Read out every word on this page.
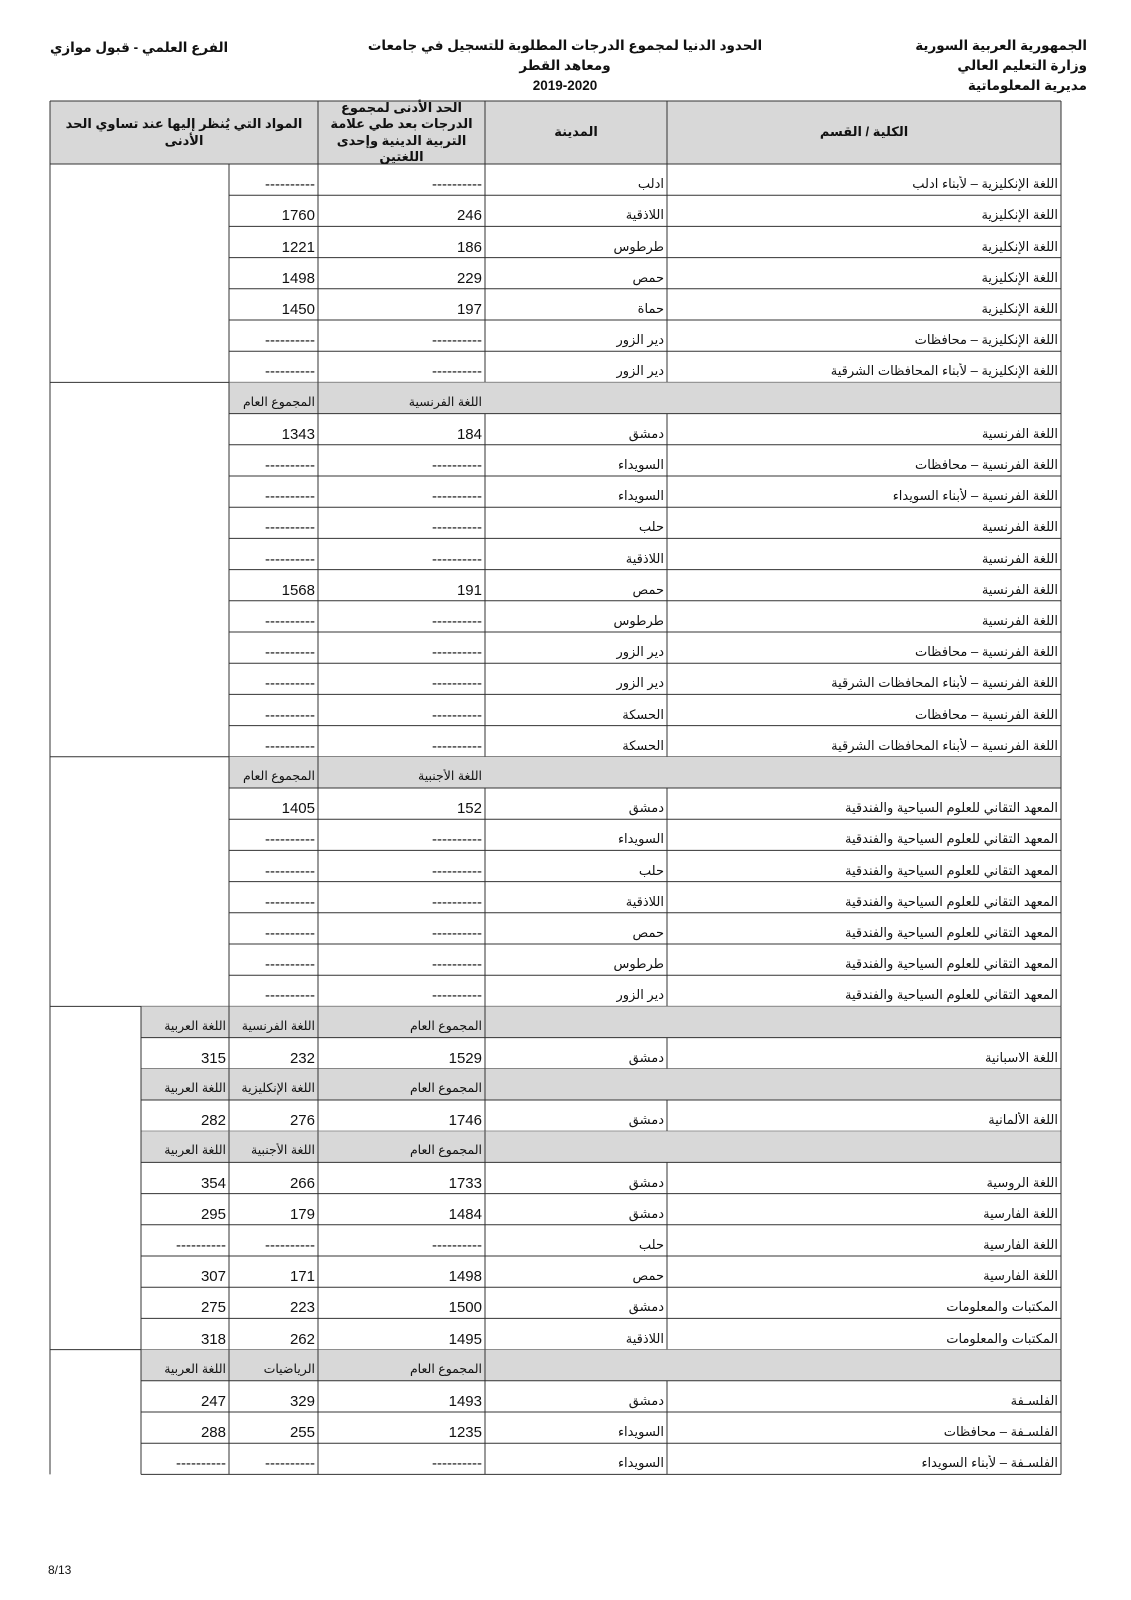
الجمهورية العربية السورية
وزارة التعليم العالي
مديرية المعلوماتية
الحدود الدنيا لمجموع الدرجات المطلوبة للتسجيل في جامعات ومعاهد القطر
2019-2020
الفرع العلمي - قبول موازي
الكلية / القسم
المدينة
الحد الأدنى لمجموع الدرجات بعد طي علامة التربية الدينية وإحدى اللغتين
المواد التي يُنظر إليها عند تساوي الحد الأدنى
اللغة الإنكليزية – لأبناء ادلب
ادلب
----------
----------
اللغة الإنكليزية
اللاذقية
246
1760
اللغة الإنكليزية
طرطوس
186
1221
اللغة الإنكليزية
حمص
229
1498
اللغة الإنكليزية
حماة
197
1450
اللغة الإنكليزية – محافظات
دير الزور
----------
----------
اللغة الإنكليزية – لأبناء المحافظات الشرقية
دير الزور
----------
----------
اللغة الفرنسية
المجموع العام
اللغة الفرنسية
دمشق
184
1343
اللغة الفرنسية – محافظات
السويداء
----------
----------
اللغة الفرنسية – لأبناء السويداء
السويداء
----------
----------
اللغة الفرنسية
حلب
----------
----------
اللغة الفرنسية
اللاذقية
----------
----------
اللغة الفرنسية
حمص
191
1568
اللغة الفرنسية
طرطوس
----------
----------
اللغة الفرنسية – محافظات
دير الزور
----------
----------
اللغة الفرنسية – لأبناء المحافظات الشرقية
دير الزور
----------
----------
اللغة الفرنسية – محافظات
الحسكة
----------
----------
اللغة الفرنسية – لأبناء المحافظات الشرقية
الحسكة
----------
----------
اللغة الأجنبية
المجموع العام
المعهد التقاني للعلوم السياحية والفندقية
دمشق
152
1405
المعهد التقاني للعلوم السياحية والفندقية
السويداء
----------
----------
المعهد التقاني للعلوم السياحية والفندقية
حلب
----------
----------
المعهد التقاني للعلوم السياحية والفندقية
اللاذقية
----------
----------
المعهد التقاني للعلوم السياحية والفندقية
حمص
----------
----------
المعهد التقاني للعلوم السياحية والفندقية
طرطوس
----------
----------
المعهد التقاني للعلوم السياحية والفندقية
دير الزور
----------
----------
المجموع العام
اللغة الفرنسية
اللغة العربية
اللغة الاسبانية
دمشق
1529
232
315
المجموع العام
اللغة الإنكليزية
اللغة العربية
اللغة الألمانية
دمشق
1746
276
282
المجموع العام
اللغة الأجنبية
اللغة العربية
اللغة الروسية
دمشق
1733
266
354
اللغة الفارسية
دمشق
1484
179
295
اللغة الفارسية
حلب
----------
----------
----------
اللغة الفارسية
حمص
1498
171
307
المكتبات والمعلومات
دمشق
1500
223
275
المكتبات والمعلومات
اللاذقية
1495
262
318
المجموع العام
الرياضيات
اللغة العربية
الفلسـفة
دمشق
1493
329
247
الفلسـفة – محافظات
السويداء
1235
255
288
الفلسـفة – لأبناء السويداء
السويداء
----------
----------
----------
8/13
